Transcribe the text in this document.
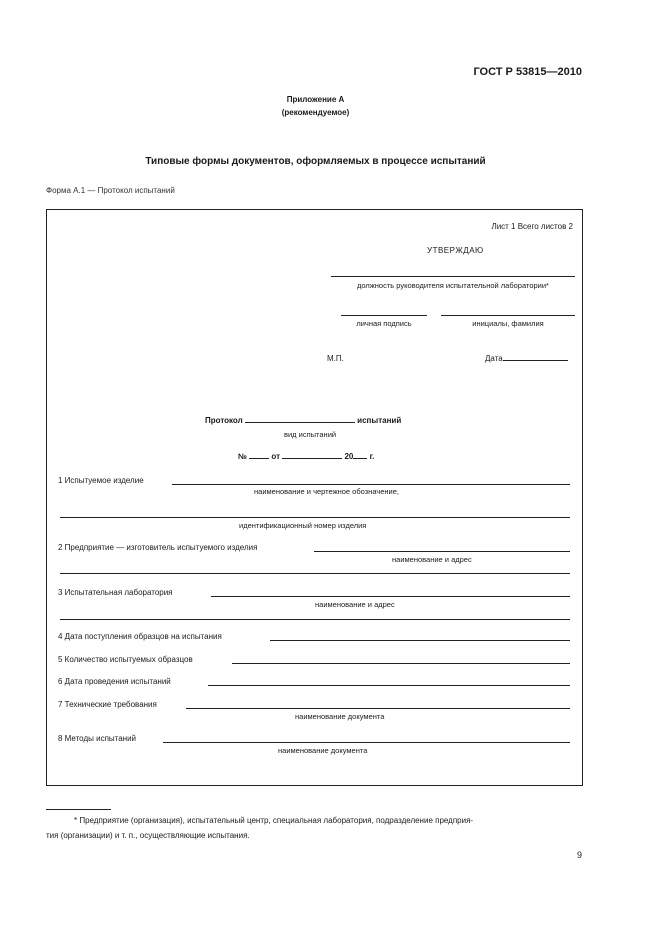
ГОСТ Р 53815—2010
Приложение А
(рекомендуемое)
Типовые формы документов, оформляемых в процессе испытаний
Форма А.1 — Протокол испытаний
Лист 1 Всего листов 2
УТВЕРЖДАЮ
должность руководителя испытательной лаборатории*
личная подпись	инициалы, фамилия
М.П.	Дата
Протокол	испытаний
вид испытаний
№	от	20 г.
1 Испытуемое изделие
наименование и чертежное обозначение,
идентификационный номер изделия
2 Предприятие — изготовитель испытуемого изделия
наименование и адрес
3 Испытательная лаборатория
наименование и адрес
4 Дата поступления образцов на испытания
5 Количество испытуемых образцов
6 Дата проведения испытаний
7 Технические требования
наименование документа
8 Методы испытаний
наименование документа
* Предприятие (организация), испытательный центр, специальная лаборатория, подразделение предприя-
тия (организации) и т. п., осуществляющие испытания.
9
